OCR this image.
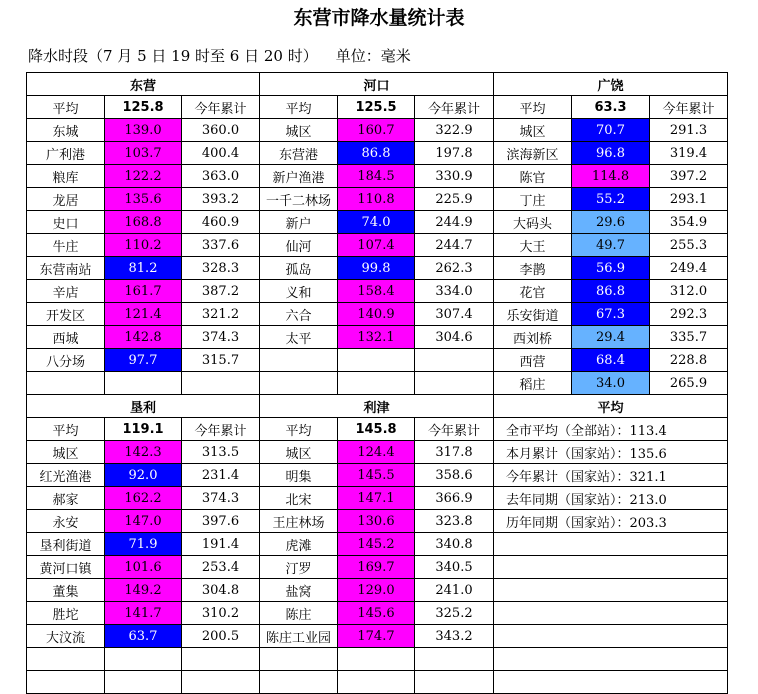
东营市降水量统计表
降水时段（7 月 5 日 19 时至 6 日 20 时） 单位：毫米
东营			河口			广饶		
平均	125.8	今年累计	平均	125.5	今年累计	平均	63.3	今年累计
东城	139.0	360.0	城区	160.7	322.9	城区	70.7	291.3
广利港	103.7	400.4	东营港	86.8	197.8	滨海新区	96.8	319.4
粮库	122.2	363.0	新户渔港	184.5	330.9	陈官	114.8	397.2
龙居	135.6	393.2	一千二林场	110.8	225.9	丁庄	55.2	293.1
史口	168.8	460.9	新户	74.0	244.9	大码头	29.6	354.9
牛庄	110.2	337.6	仙河	107.4	244.7	大王	49.7	255.3
东营南站	81.2	328.3	孤岛	99.8	262.3	李鹊	56.9	249.4
辛店	161.7	387.2	义和	158.4	334.0	花官	86.8	312.0
开发区	121.4	321.2	六合	140.9	307.4	乐安街道	67.3	292.3
西城	142.8	374.3	太平	132.1	304.6	西刘桥	29.4	335.7
八分场	97.7	315.7				西营	68.4	228.8
						稻庄	34.0	265.9
垦利			利津			平均		
平均	119.1	今年累计	平均	145.8	今年累计	全市平均（全部站）：113.4		
城区	142.3	313.5	城区	124.4	317.8	本月累计（国家站）：135.6		
红光渔港	92.0	231.4	明集	145.5	358.6	今年累计（国家站）：321.1		
郝家	162.2	374.3	北宋	147.1	366.9	去年同期（国家站）：213.0		
永安	147.0	397.6	王庄林场	130.6	323.8	历年同期（国家站）：203.3		
垦利街道	71.9	191.4	虎滩	145.2	340.8			
黄河口镇	101.6	253.4	汀罗	169.7	340.5			
董集	149.2	304.8	盐窝	129.0	241.0			
胜坨	141.7	310.2	陈庄	145.6	325.2			
大汶流	63.7	200.5	陈庄工业园	174.7	343.2			
